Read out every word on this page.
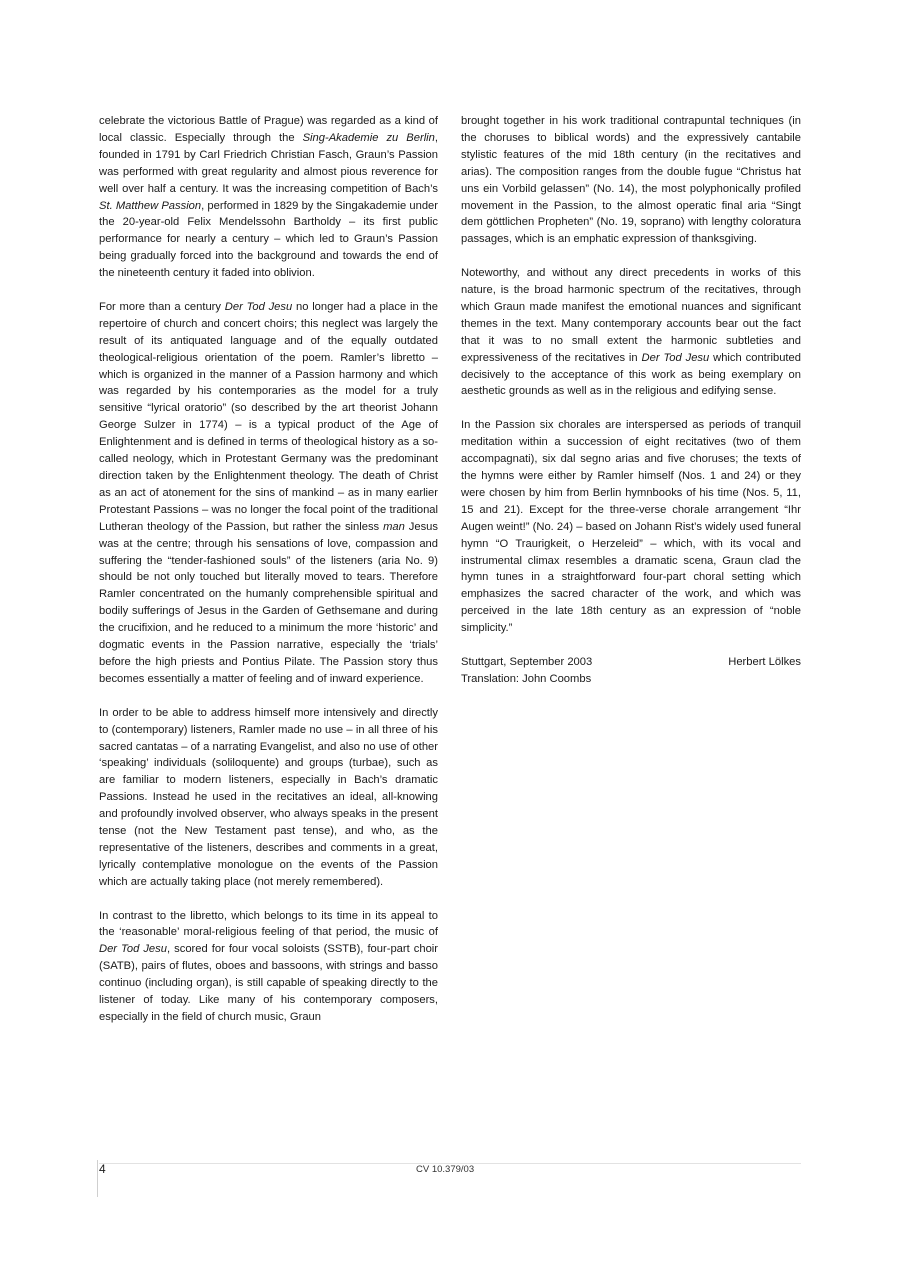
celebrate the victorious Battle of Prague) was regarded as a kind of local classic. Especially through the Sing-Akademie zu Berlin, founded in 1791 by Carl Friedrich Christian Fasch, Graun’s Passion was performed with great regularity and almost pious reverence for well over half a century. It was the increasing competition of Bach’s St. Matthew Passion, performed in 1829 by the Singakademie under the 20-year-old Felix Mendelssohn Bartholdy – its first public performance for nearly a century – which led to Graun’s Passion being gradually forced into the background and towards the end of the nineteenth century it faded into oblivion.

For more than a century Der Tod Jesu no longer had a place in the repertoire of church and concert choirs; this neglect was largely the result of its antiquated language and of the equally outdated theological-religious orientation of the poem. Ramler’s libretto – which is organized in the manner of a Passion harmony and which was regarded by his contemporaries as the model for a truly sensitive “lyrical oratorio” (so described by the art theorist Johann George Sulzer in 1774) – is a typical product of the Age of Enlightenment and is defined in terms of theological history as a so-called neology, which in Protestant Germany was the predominant direction taken by the Enlightenment theology. The death of Christ as an act of atonement for the sins of mankind – as in many earlier Protestant Passions – was no longer the focal point of the traditional Lutheran theology of the Passion, but rather the sinless man Jesus was at the centre; through his sensations of love, compassion and suffering the “tender-fashioned souls” of the listeners (aria No. 9) should be not only touched but literally moved to tears. Therefore Ramler concentrated on the humanly comprehensible spiritual and bodily sufferings of Jesus in the Garden of Gethsemane and during the crucifixion, and he reduced to a minimum the more ‘historic’ and dogmatic events in the Passion narrative, especially the ‘trials’ before the high priests and Pontius Pilate. The Passion story thus becomes essentially a matter of feeling and of inward experience.

In order to be able to address himself more intensively and directly to (contemporary) listeners, Ramler made no use – in all three of his sacred cantatas – of a narrating Evangelist, and also no use of other ‘speaking’ individuals (soliloquente) and groups (turbae), such as are familiar to modern listeners, especially in Bach’s dramatic Passions. Instead he used in the recitatives an ideal, all-knowing and profoundly involved observer, who always speaks in the present tense (not the New Testament past tense), and who, as the representative of the listeners, describes and comments in a great, lyrically contemplative monologue on the events of the Passion which are actually taking place (not merely remembered).

In contrast to the libretto, which belongs to its time in its appeal to the ‘reasonable’ moral-religious feeling of that period, the music of Der Tod Jesu, scored for four vocal soloists (SSTB), four-part choir (SATB), pairs of flutes, oboes and bassoons, with strings and basso continuo (including organ), is still capable of speaking directly to the listener of today. Like many of his contemporary composers, especially in the field of church music, Graun

brought together in his work traditional contrapuntal techniques (in the choruses to biblical words) and the expressively cantabile stylistic features of the mid 18th century (in the recitatives and arias). The composition ranges from the double fugue “Christus hat uns ein Vorbild gelassen” (No. 14), the most polyphonically profiled movement in the Passion, to the almost operatic final aria “Singt dem göttlichen Propheten” (No. 19, soprano) with lengthy coloratura passages, which is an emphatic expression of thanksgiving.

Noteworthy, and without any direct precedents in works of this nature, is the broad harmonic spectrum of the recitatives, through which Graun made manifest the emotional nuances and significant themes in the text. Many contemporary accounts bear out the fact that it was to no small extent the harmonic subtleties and expressiveness of the recitatives in Der Tod Jesu which contributed decisively to the acceptance of this work as being exemplary on aesthetic grounds as well as in the religious and edifying sense.

In the Passion six chorales are interspersed as periods of tranquil meditation within a succession of eight recitatives (two of them accompagnati), six dal segno arias and five choruses; the texts of the hymns were either by Ramler himself (Nos. 1 and 24) or they were chosen by him from Berlin hymnbooks of his time (Nos. 5, 11, 15 and 21). Except for the three-verse chorale arrangement “Ihr Augen weint!” (No. 24) – based on Johann Rist’s widely used funeral hymn “O Traurigkeit, o Herzeleid” – which, with its vocal and instrumental climax resembles a dramatic scena, Graun clad the hymn tunes in a straightforward four-part choral setting which emphasizes the sacred character of the work, and which was perceived in the late 18th century as an expression of “noble simplicity.”

Stuttgart, September 2003	Herbert Lölkes
Translation: John Coombs
4	CV 10.379/03
